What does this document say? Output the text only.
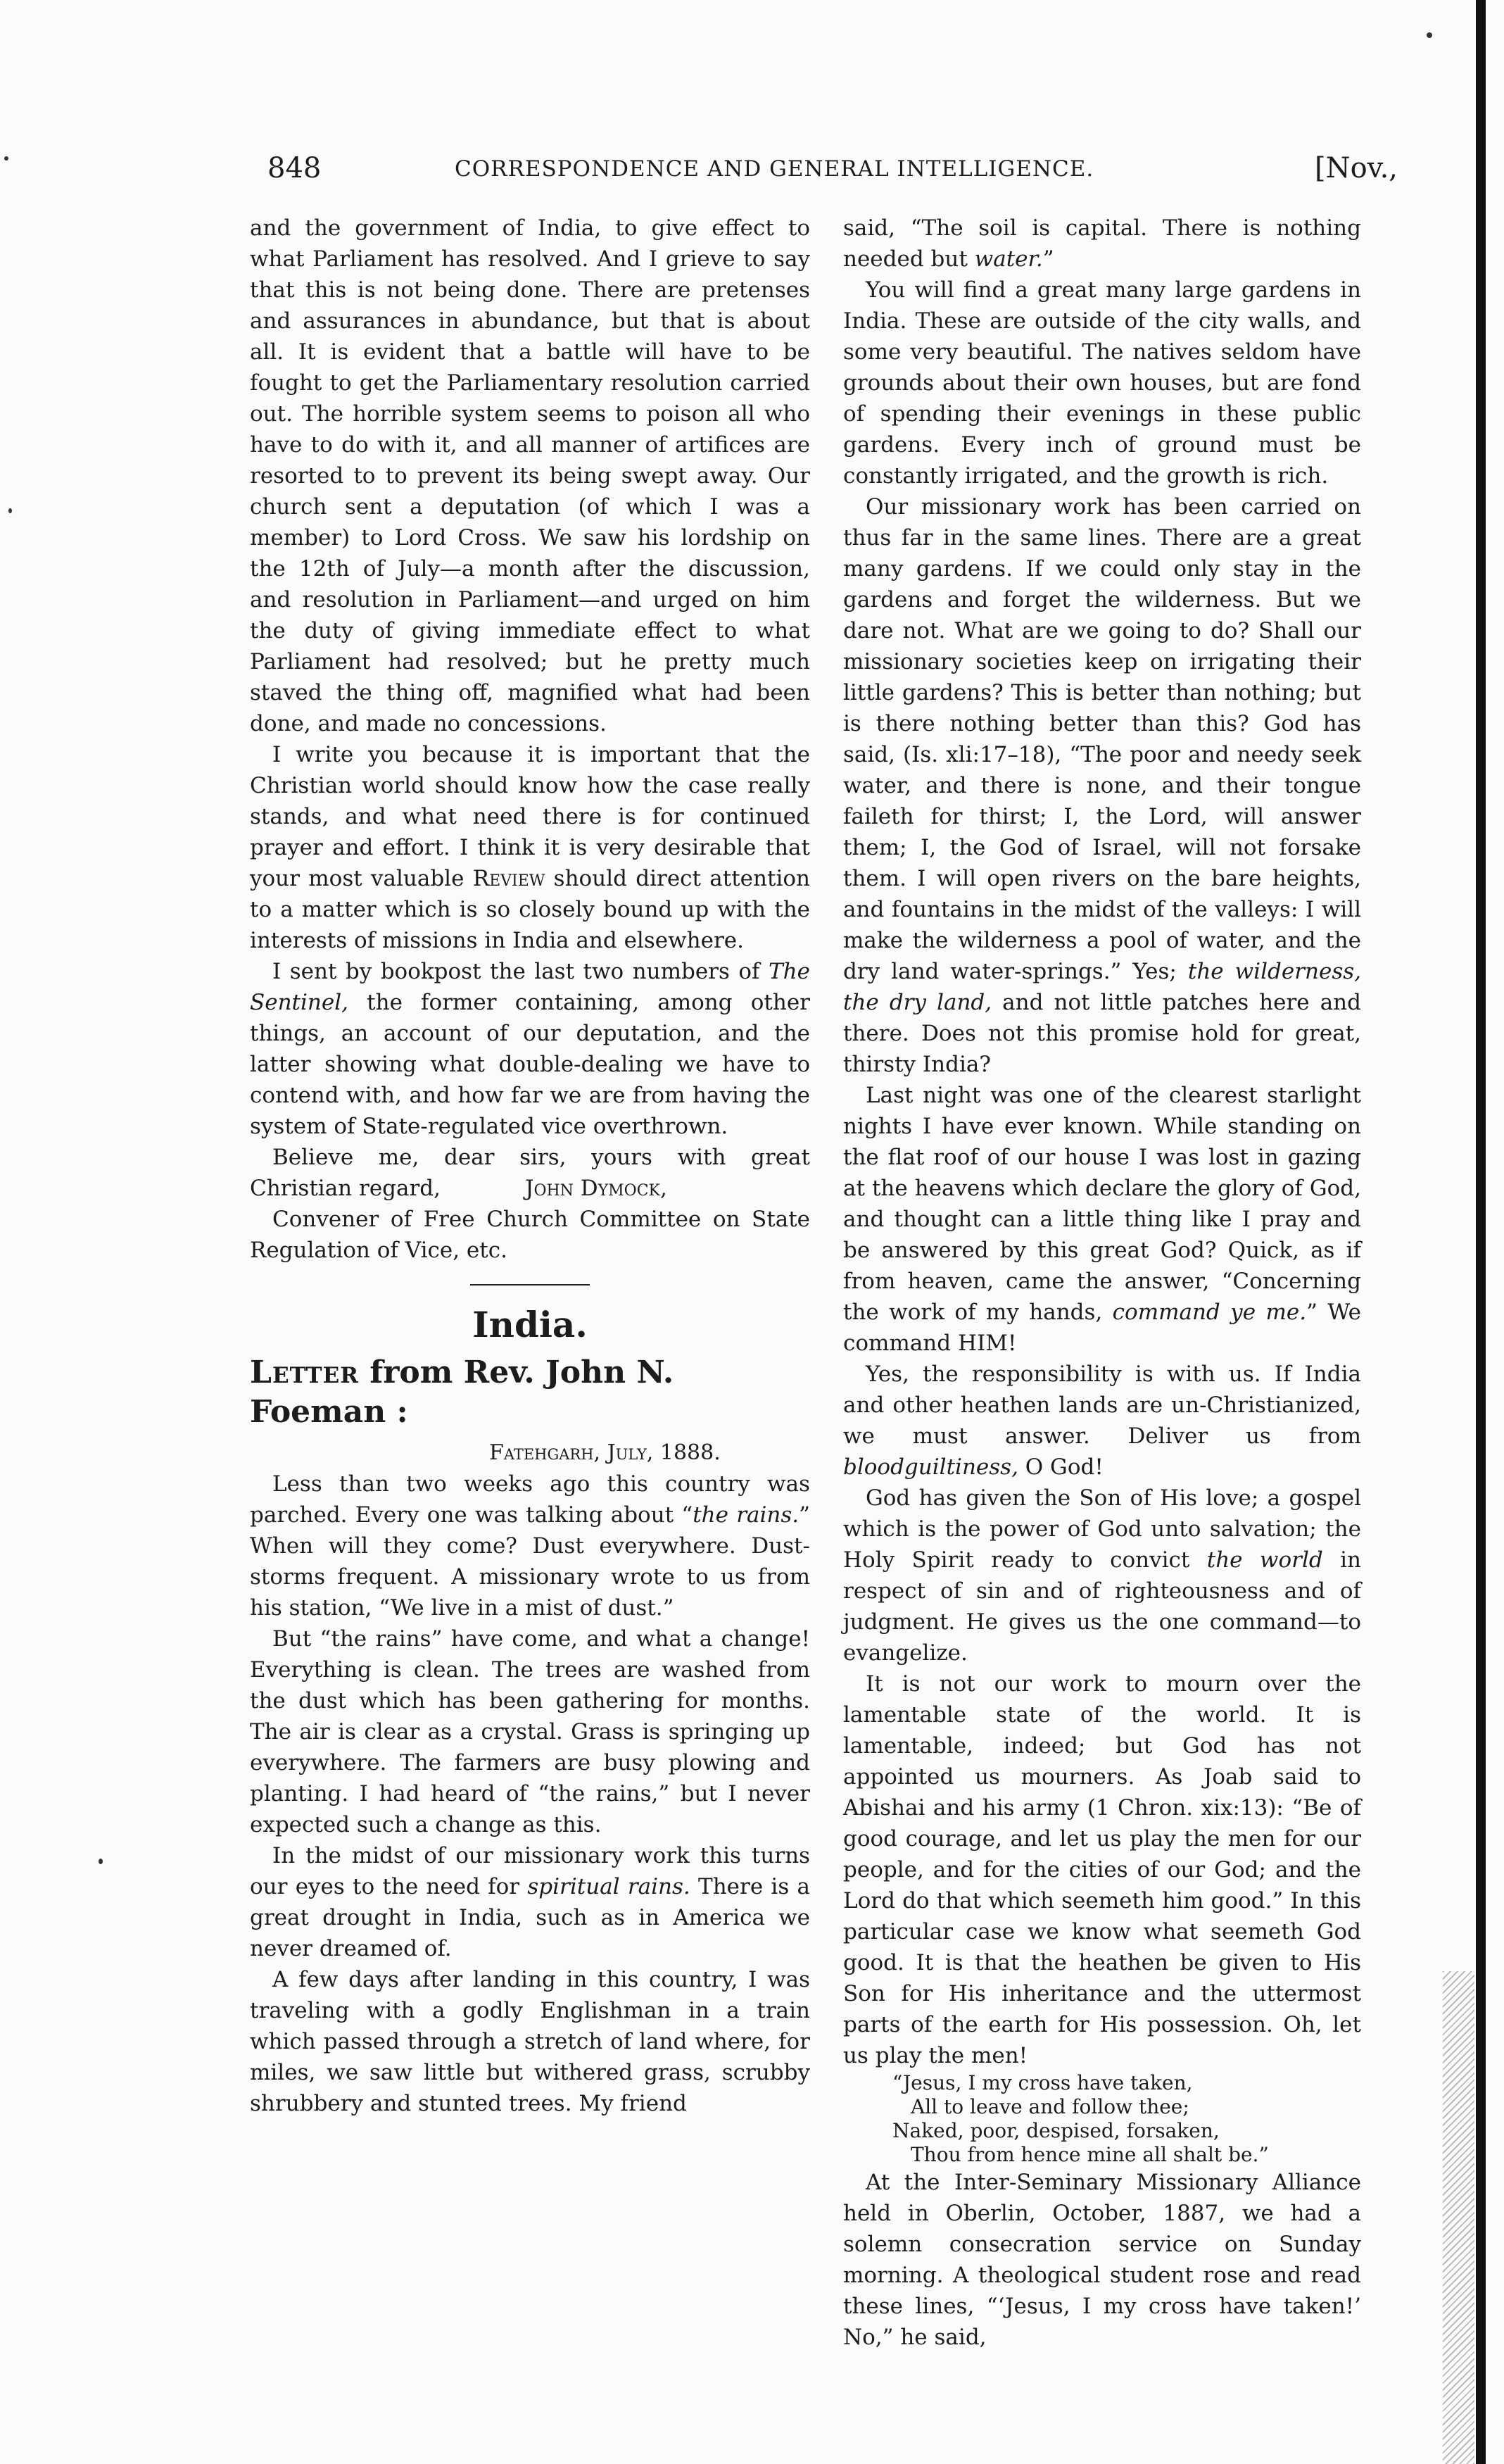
848	CORRESPONDENCE AND GENERAL INTELLIGENCE.	[Nov.,

and the government of India, to give effect to what Parliament has resolved. And I grieve to say that this is not being done. There are pretenses and assurances in abundance, but that is about all. It is evident that a battle will have to be fought to get the Parliamentary resolution carried out. The horrible system seems to poison all who have to do with it, and all manner of artifices are resorted to to prevent its being swept away. Our church sent a deputation (of which I was a member) to Lord Cross. We saw his lordship on the 12th of July—a month after the discussion, and resolution in Parliament—and urged on him the duty of giving immediate effect to what Parliament had resolved; but he pretty much staved the thing off, magnified what had been done, and made no concessions.

I write you because it is important that the Christian world should know how the case really stands, and what need there is for continued prayer and effort. I think it is very desirable that your most valuable Review should direct attention to a matter which is so closely bound up with the interests of missions in India and elsewhere.

I sent by bookpost the last two numbers of The Sentinel, the former containing, among other things, an account of our deputation, and the latter showing what double-dealing we have to contend with, and how far we are from having the system of State-regulated vice overthrown.

Believe me, dear sirs, yours with great Christian regard,	John Dymock,

Convener of Free Church Committee on State Regulation of Vice, etc.

India.
Letter from Rev. John N. Foeman :

Fatehgarh, July, 1888.

Less than two weeks ago this country was parched. Every one was talking about “the rains.” When will they come? Dust everywhere. Dust-storms frequent. A missionary wrote to us from his station, “We live in a mist of dust.”

But “the rains” have come, and what a change! Everything is clean. The trees are washed from the dust which has been gathering for months. The air is clear as a crystal. Grass is springing up everywhere. The farmers are busy plowing and planting. I had heard of “the rains,” but I never expected such a change as this.

In the midst of our missionary work this turns our eyes to the need for spiritual rains. There is a great drought in India, such as in America we never dreamed of.

A few days after landing in this country, I was traveling with a godly Englishman in a train which passed through a stretch of land where, for miles, we saw little but withered grass, scrubby shrubbery and stunted trees. My friend

said, “The soil is capital. There is nothing needed but water.”

You will find a great many large gardens in India. These are outside of the city walls, and some very beautiful. The natives seldom have grounds about their own houses, but are fond of spending their evenings in these public gardens. Every inch of ground must be constantly irrigated, and the growth is rich.

Our missionary work has been carried on thus far in the same lines. There are a great many gardens. If we could only stay in the gardens and forget the wilderness. But we dare not. What are we going to do? Shall our missionary societies keep on irrigating their little gardens? This is better than nothing; but is there nothing better than this? God has said, (Is. xli:17–18), “The poor and needy seek water, and there is none, and their tongue faileth for thirst; I, the Lord, will answer them; I, the God of Israel, will not forsake them. I will open rivers on the bare heights, and fountains in the midst of the valleys: I will make the wilderness a pool of water, and the dry land water-springs.” Yes; the wilderness, the dry land, and not little patches here and there. Does not this promise hold for great, thirsty India?

Last night was one of the clearest starlight nights I have ever known. While standing on the flat roof of our house I was lost in gazing at the heavens which declare the glory of God, and thought can a little thing like I pray and be answered by this great God? Quick, as if from heaven, came the answer, “Concerning the work of my hands, command ye me.” We command HIM!

Yes, the responsibility is with us. If India and other heathen lands are un-Christianized, we must answer. Deliver us from bloodguiltiness, O God!

God has given the Son of His love; a gospel which is the power of God unto salvation; the Holy Spirit ready to convict the world in respect of sin and of righteousness and of judgment. He gives us the one command—to evangelize.

It is not our work to mourn over the lamentable state of the world. It is lamentable, indeed; but God has not appointed us mourners. As Joab said to Abishai and his army (1 Chron. xix:13): “Be of good courage, and let us play the men for our people, and for the cities of our God; and the Lord do that which seemeth him good.” In this particular case we know what seemeth God good. It is that the heathen be given to His Son for His inheritance and the uttermost parts of the earth for His possession. Oh, let us play the men!

“Jesus, I my cross have taken,
All to leave and follow thee;
Naked, poor, despised, forsaken,
Thou from hence mine all shalt be.”

At the Inter-Seminary Missionary Alliance held in Oberlin, October, 1887, we had a solemn consecration service on Sunday morning. A theological student rose and read these lines, “‘Jesus, I my cross have taken!’ No,” he said,
